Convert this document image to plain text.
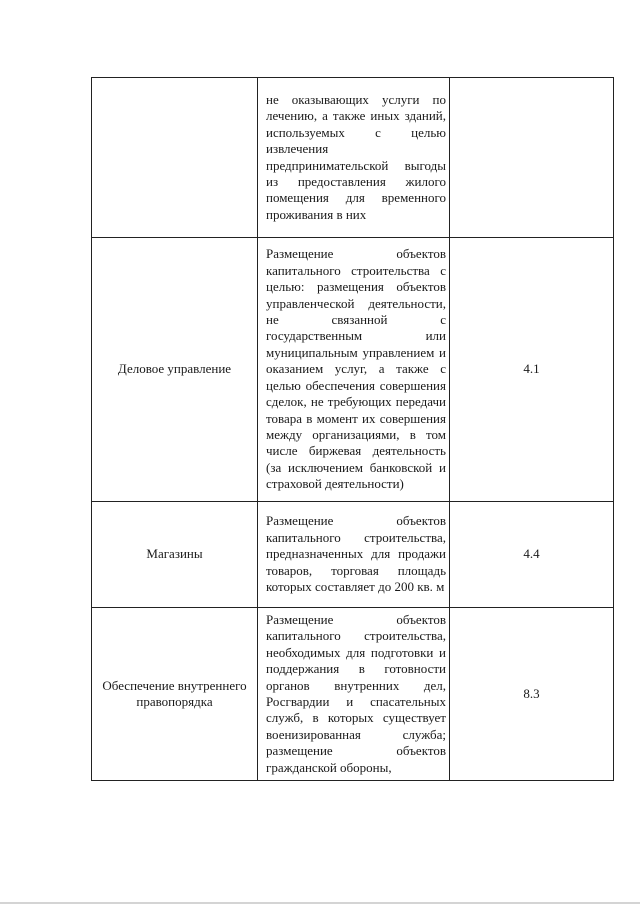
	не оказывающих услуги по лечению, а также иных зданий, используемых с целью извлечения предпринимательской выгоды из предоставления жилого помещения для временного проживания в них	
Деловое управление	Размещение объектов капитального строительства с целью: размещения объектов управленческой деятельности, не связанной с государственным или муниципальным управлением и оказанием услуг, а также с целью обеспечения совершения сделок, не требующих передачи товара в момент их совершения между организациями, в том числе биржевая деятельность (за исключением банковской и страховой деятельности)	4.1
Магазины	Размещение объектов капитального строительства, предназначенных для продажи товаров, торговая площадь которых составляет до 200 кв. м	4.4
Обеспечение внутреннего правопорядка	Размещение объектов капитального строительства, необходимых для подготовки и поддержания в готовности органов внутренних дел, Росгвардии и спасательных служб, в которых существует военизированная служба; размещение объектов гражданской обороны,	8.3
